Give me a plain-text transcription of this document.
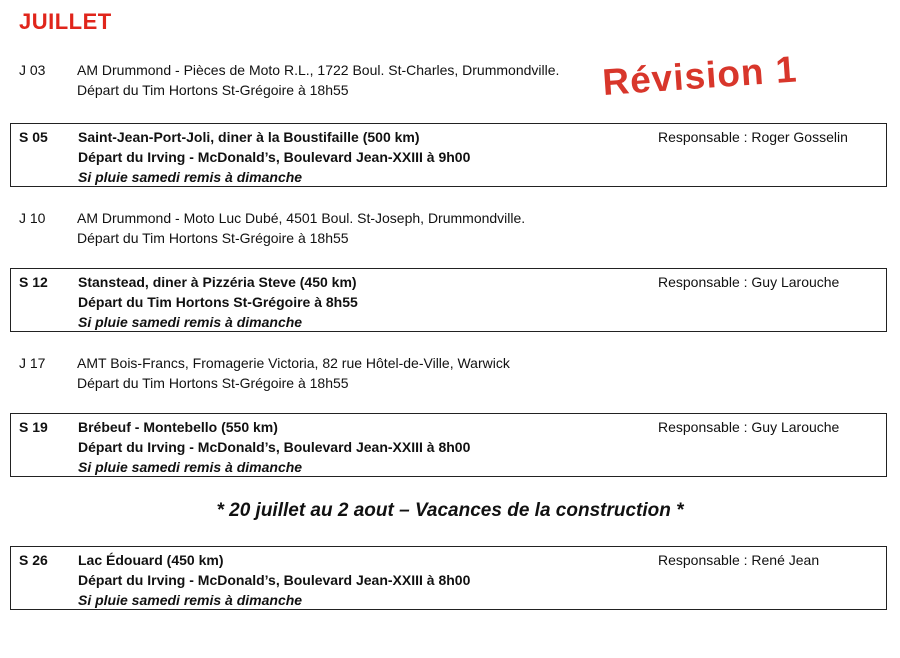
JUILLET
Révision 1
J 03 AM Drummond - Pièces de Moto R.L., 1722 Boul. St-Charles, Drummondville.
Départ du Tim Hortons St-Grégoire à 18h55
S 05 Saint-Jean-Port-Joli, diner à la Boustifaille (500 km)
Départ du Irving - McDonald’s, Boulevard Jean-XXIII à 9h00
Si pluie samedi remis à dimanche
Responsable : Roger Gosselin
J 10 AM Drummond - Moto Luc Dubé, 4501 Boul. St-Joseph, Drummondville.
Départ du Tim Hortons St-Grégoire à 18h55
S 12 Stanstead, diner à Pizzéria Steve (450 km)
Départ du Tim Hortons St-Grégoire à 8h55
Si pluie samedi remis à dimanche
Responsable : Guy Larouche
J 17 AMT Bois-Francs, Fromagerie Victoria, 82 rue Hôtel-de-Ville, Warwick
Départ du Tim Hortons St-Grégoire à 18h55
S 19 Brébeuf - Montebello (550 km)
Départ du Irving - McDonald’s, Boulevard Jean-XXIII à 8h00
Si pluie samedi remis à dimanche
Responsable : Guy Larouche
* 20 juillet au 2 aout – Vacances de la construction *
S 26 Lac Édouard (450 km)
Départ du Irving - McDonald’s, Boulevard Jean-XXIII à 8h00
Si pluie samedi remis à dimanche
Responsable : René Jean
